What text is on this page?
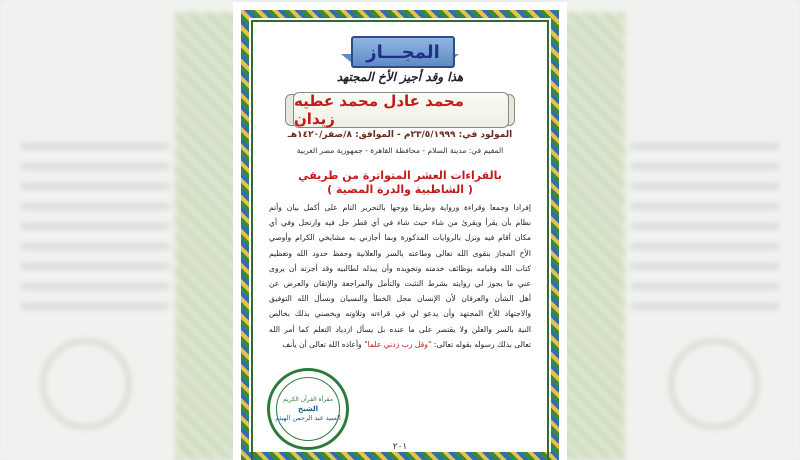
المجـــاز
هذا وقد أجيز الأخ المجتهد
محمد عادل محمد عطيه زيدان
المولود في: ٢٣/٥/١٩٩٩م - الموافق: ٨/صفر/١٤٢٠هـ
المقيم في: مدينة السلام - محافظة القاهرة - جمهورية مصر العربية
بالقراءات العشر المتواترة من طريقي
( الشاطبية والدرة المضية )
إفرادا وجمعا وقراءة ورواية وطريقا ووجها بالتحرير التام على أكمل بيان وأتم
نظام بأن يقرأ ويقرئ من شاء حيث شاء في أي قطر حل فيه وارتحل وفي أي
مكان أقام فيه ونزل بالروايات المذكورة وبما أجازني به مشايخي الكرام وأوصي
الأخ المجاز بتقوى الله تعالى وطاعته بالسر والعلانية وحفظ حدود الله وتعظيم
كتاب الله وقيامه بوظائف خدمته وتجويده وأن يبذله لطالبيه وقد أجزته أن يروى
عني ما يجوز لي روايته بشرط التثبت والتأمل والمراجعة والإتقان والعرض عن
أهل الشأن والعرفان لأن الإنسان محل الخطأ والنسيان ونسأل الله التوفيق
والاجتهاد للأخ المجتهد وأن يدعو لي في قراءته وتلاوته ويخصني بذلك بخالص
النية بالسر والعلن ولا يقتصر على ما عنده بل يسأل ازدياد التعلم كما أمر الله
تعالى بذلك رسوله بقوله تعالى: "وقل رب زدني علما" وأعاذه الله تعالى أن يأنف
مقرأة القرآن الكريم
الشيخ
السيد عبد الرحمن الهيثم
٢٠١
